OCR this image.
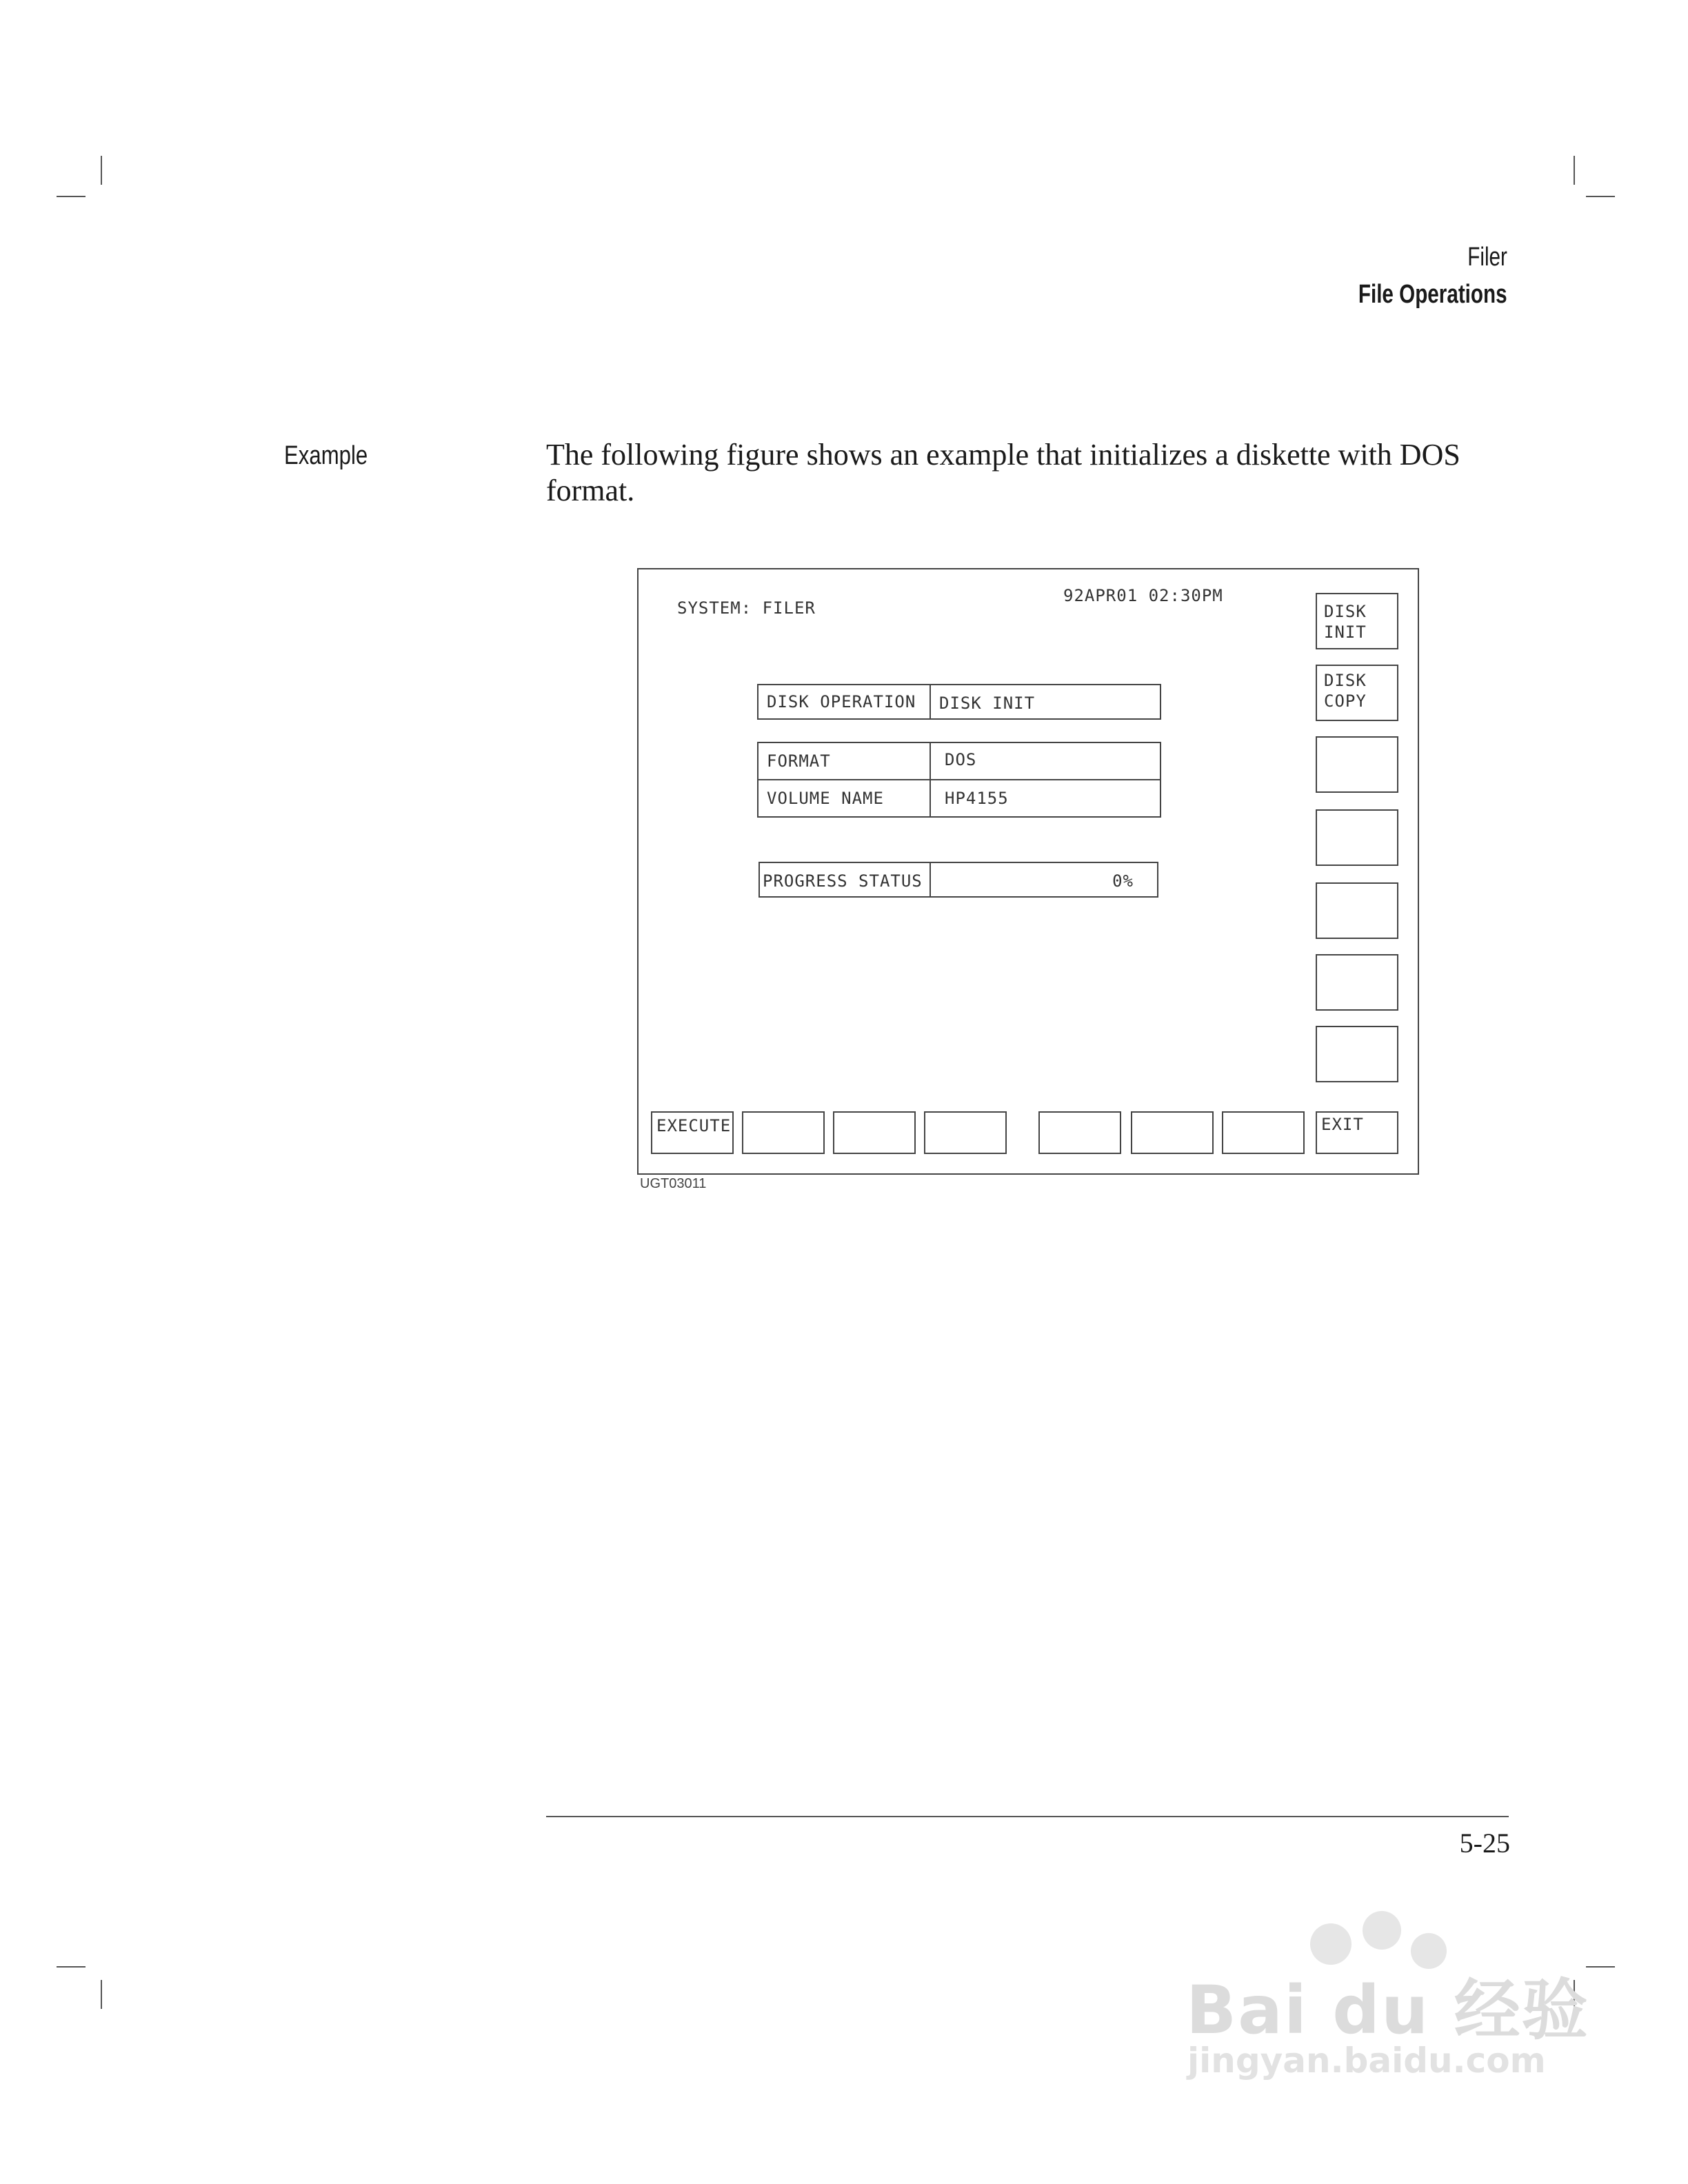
Filer
File Operations
Example	The following figure shows an example that initializes a diskette with DOS format.
SYSTEM: FILER
92APR01 02:30PM
DISK OPERATION	DISK INIT
FORMAT	DOS
VOLUME NAME	HP4155
PROGRESS STATUS	0%
DISK
INIT
DISK
COPY
EXECUTE	EXIT
UGT03011
5-25
Bai du 经验
jingyan.baidu.com
